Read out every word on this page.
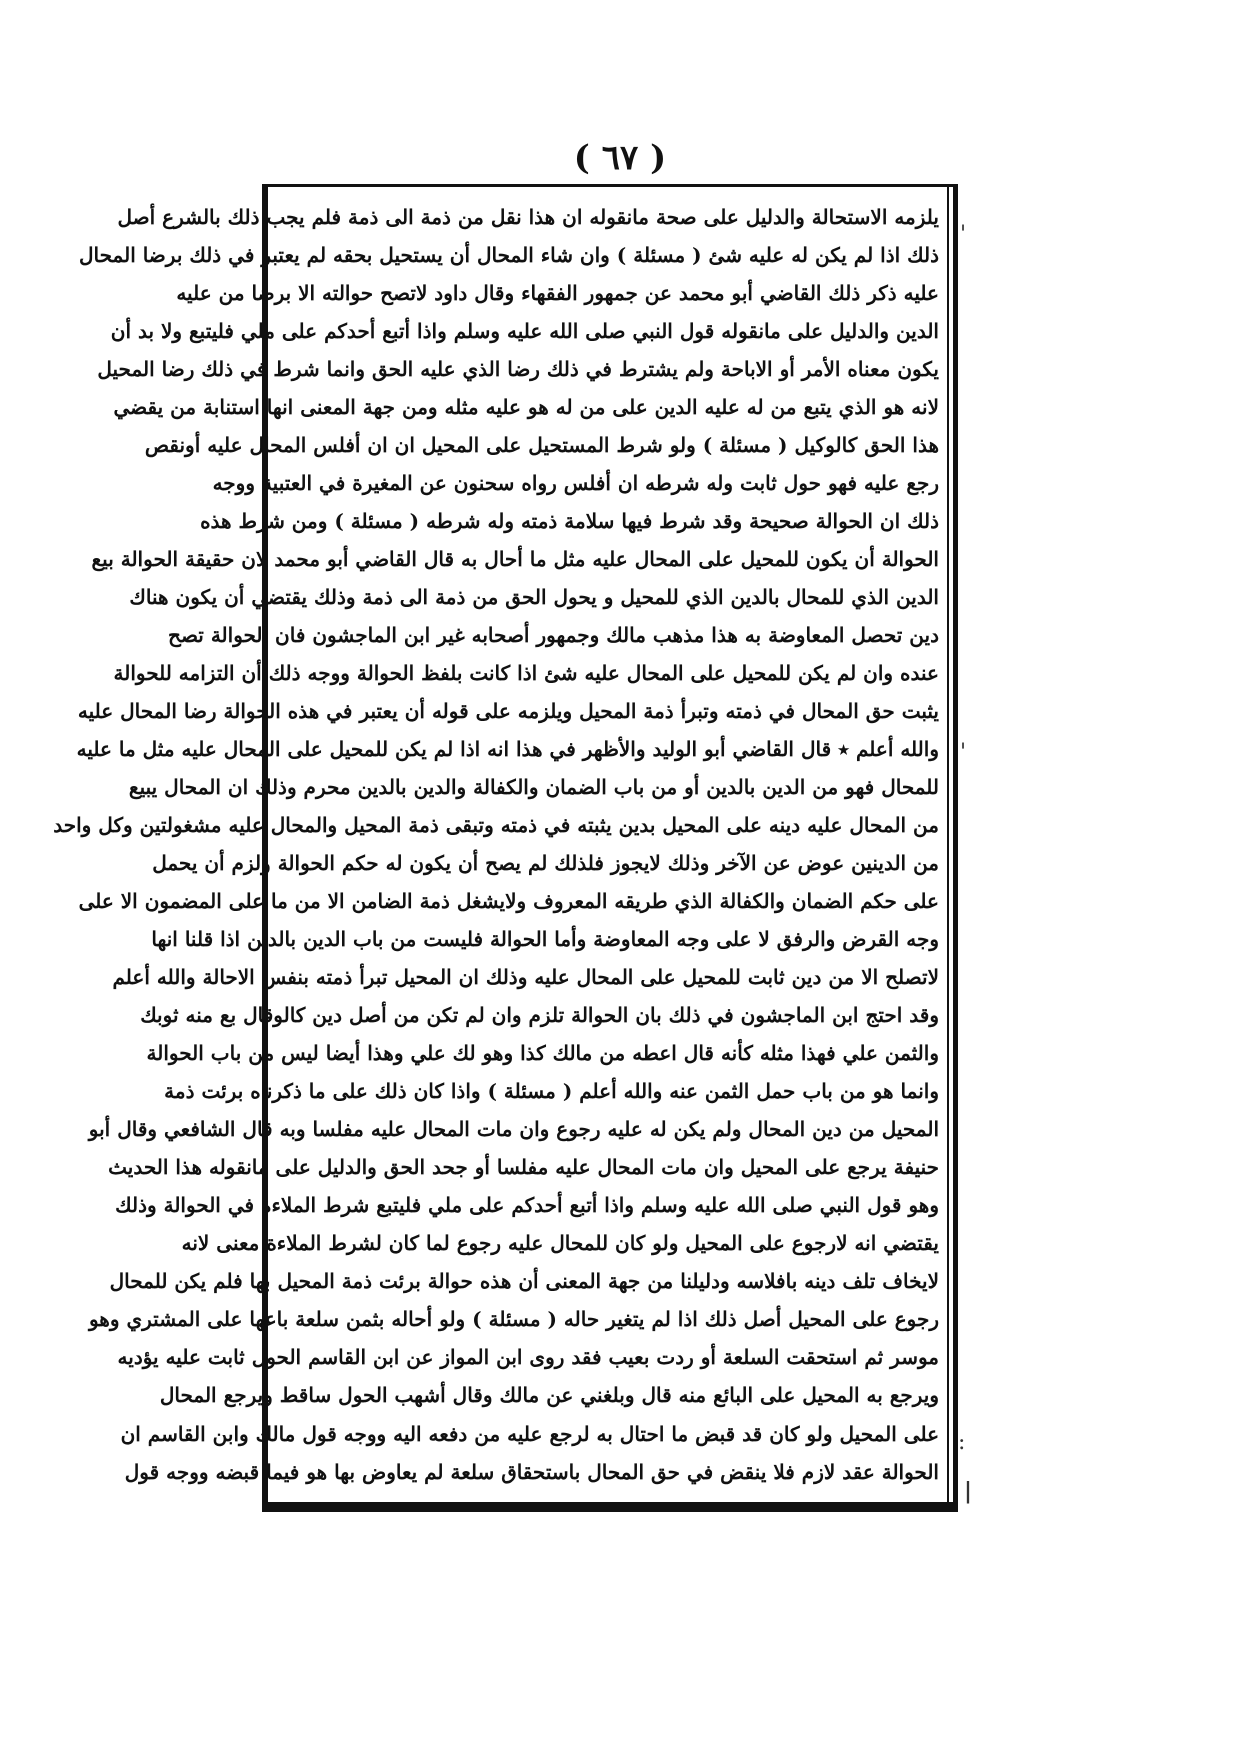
( ٦٧ )
'
'
:
|
يلزمه الاستحالة والدليل على صحة مانقوله ان هذا نقل من ذمة الى ذمة فلم يجب ذلك بالشرع أصل
ذلك اذا لم يكن له عليه شئ ( مسئلة ) وان شاء المحال أن يستحيل بحقه لم يعتبر في ذلك برضا المحال
عليه ذكر ذلك القاضي أبو محمد عن جمهور الفقهاء وقال داود لاتصح حوالته الا برضا من عليه
الدين والدليل على مانقوله قول النبي صلى الله عليه وسلم واذا أتبع أحدكم على ملي فليتبع ولا بد أن
يكون معناه الأمر أو الاباحة ولم يشترط في ذلك رضا الذي عليه الحق وانما شرط في ذلك رضا المحيل
لانه هو الذي يتبع من له عليه الدين على من له هو عليه مثله ومن جهة المعنى انها استنابة من يقضي
هذا الحق كالوكيل ( مسئلة ) ولو شرط المستحيل على المحيل ان ان أفلس المحال عليه أونقص
رجع عليه فهو حول ثابت وله شرطه ان أفلس رواه سحنون عن المغيرة في العتبية ووجه
ذلك ان الحوالة صحيحة وقد شرط فيها سلامة ذمته وله شرطه ( مسئلة ) ومن شرط هذه
الحوالة أن يكون للمحيل على المحال عليه مثل ما أحال به قال القاضي أبو محمد لان حقيقة الحوالة بيع
الدين الذي للمحال بالدين الذي للمحيل و يحول الحق من ذمة الى ذمة وذلك يقتضي أن يكون هناك
دين تحصل المعاوضة به هذا مذهب مالك وجمهور أصحابه غير ابن الماجشون فان الحوالة تصح
عنده وان لم يكن للمحيل على المحال عليه شئ اذا كانت بلفظ الحوالة ووجه ذلك أن التزامه للحوالة
يثبت حق المحال في ذمته وتبرأ ذمة المحيل ويلزمه على قوله أن يعتبر في هذه الحوالة رضا المحال عليه
والله أعلم ٭ قال القاضي أبو الوليد والأظهر في هذا انه اذا لم يكن للمحيل على المحال عليه مثل ما عليه
للمحال فهو من الدين بالدين أو من باب الضمان والكفالة والدين بالدين محرم وذلك ان المحال يبيع
من المحال عليه دينه على المحيل بدين يثبته في ذمته وتبقى ذمة المحيل والمحال عليه مشغولتين وكل واحد
من الدينين عوض عن الآخر وذلك لايجوز فلذلك لم يصح أن يكون له حكم الحوالة ولزم أن يحمل
على حكم الضمان والكفالة الذي طريقه المعروف ولايشغل ذمة الضامن الا من ما على المضمون الا على
وجه القرض والرفق لا على وجه المعاوضة وأما الحوالة فليست من باب الدين بالدين اذا قلنا انها
لاتصلح الا من دين ثابت للمحيل على المحال عليه وذلك ان المحيل تبرأ ذمته بنفس الاحالة والله أعلم
وقد احتج ابن الماجشون في ذلك بان الحوالة تلزم وان لم تكن من أصل دين كالوقال بع منه ثوبك
والثمن علي فهذا مثله كأنه قال اعطه من مالك كذا وهو لك علي وهذا أيضا ليس من باب الحوالة
وانما هو من باب حمل الثمن عنه والله أعلم ( مسئلة ) واذا كان ذلك على ما ذكرناه برئت ذمة
المحيل من دين المحال ولم يكن له عليه رجوع وان مات المحال عليه مفلسا وبه قال الشافعي وقال أبو
حنيفة يرجع على المحيل وان مات المحال عليه مفلسا أو جحد الحق والدليل على مانقوله هذا الحديث
وهو قول النبي صلى الله عليه وسلم واذا أتبع أحدكم على ملي فليتبع شرط الملاءة في الحوالة وذلك
يقتضي انه لارجوع على المحيل ولو كان للمحال عليه رجوع لما كان لشرط الملاءة معنى لانه
لايخاف تلف دينه بافلاسه ودليلنا من جهة المعنى أن هذه حوالة برئت ذمة المحيل بها فلم يكن للمحال
رجوع على المحيل أصل ذلك اذا لم يتغير حاله ( مسئلة ) ولو أحاله بثمن سلعة باعها على المشتري وهو
موسر ثم استحقت السلعة أو ردت بعيب فقد روى ابن المواز عن ابن القاسم الحول ثابت عليه يؤديه
ويرجع به المحيل على البائع منه قال وبلغني عن مالك وقال أشهب الحول ساقط ويرجع المحال
على المحيل ولو كان قد قبض ما احتال به لرجع عليه من دفعه اليه ووجه قول مالك وابن القاسم ان
الحوالة عقد لازم فلا ينقض في حق المحال باستحقاق سلعة لم يعاوض بها هو فيما قبضه ووجه قول
